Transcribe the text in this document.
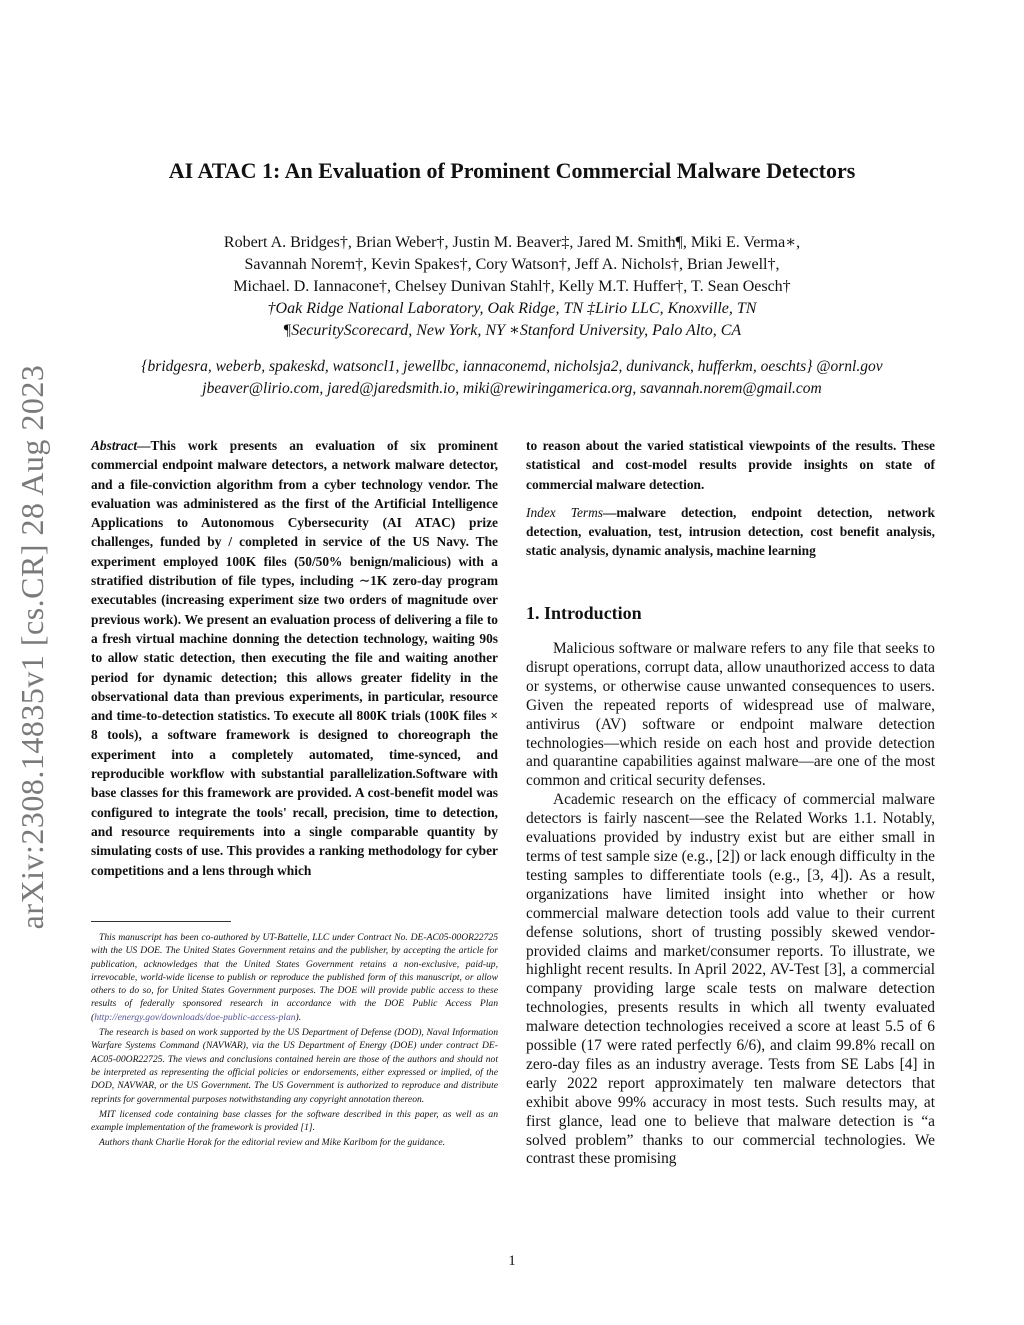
arXiv:2308.14835v1 [cs.CR] 28 Aug 2023
AI ATAC 1: An Evaluation of Prominent Commercial Malware Detectors
Robert A. Bridges†, Brian Weber†, Justin M. Beaver‡, Jared M. Smith¶, Miki E. Verma∗,
Savannah Norem†, Kevin Spakes†, Cory Watson†, Jeff A. Nichols†, Brian Jewell†,
Michael. D. Iannacone†, Chelsey Dunivan Stahl†, Kelly M.T. Huffer†, T. Sean Oesch†
†Oak Ridge National Laboratory, Oak Ridge, TN ‡Lirio LLC, Knoxville, TN
¶SecurityScorecard, New York, NY ∗Stanford University, Palo Alto, CA
{bridgesra, weberb, spakeskd, watsoncl1, jewellbc, iannaconemd, nicholsja2, dunivanck, hufferkm, oeschts} @ornl.gov
jbeaver@lirio.com, jared@jaredsmith.io, miki@rewiringamerica.org, savannah.norem@gmail.com

Abstract—This work presents an evaluation of six prominent commercial endpoint malware detectors, a network malware detector, and a file-conviction algorithm from a cyber technology vendor. The evaluation was administered as the first of the Artificial Intelligence Applications to Autonomous Cybersecurity (AI ATAC) prize challenges, funded by / completed in service of the US Navy. The experiment employed 100K files (50/50% benign/malicious) with a stratified distribution of file types, including ∼1K zero-day program executables (increasing experiment size two orders of magnitude over previous work). We present an evaluation process of delivering a file to a fresh virtual machine donning the detection technology, waiting 90s to allow static detection, then executing the file and waiting another period for dynamic detection; this allows greater fidelity in the observational data than previous experiments, in particular, resource and time-to-detection statistics. To execute all 800K trials (100K files × 8 tools), a software framework is designed to choreograph the experiment into a completely automated, time-synced, and reproducible workflow with substantial parallelization.Software with base classes for this framework are provided. A cost-benefit model was configured to integrate the tools' recall, precision, time to detection, and resource requirements into a single comparable quantity by simulating costs of use. This provides a ranking methodology for cyber competitions and a lens through which

This manuscript has been co-authored by UT-Battelle, LLC under Contract No. DE-AC05-00OR22725 with the US DOE. The United States Government retains and the publisher, by accepting the article for publication, acknowledges that the United States Government retains a non-exclusive, paid-up, irrevocable, world-wide license to publish or reproduce the published form of this manuscript, or allow others to do so, for United States Government purposes. The DOE will provide public access to these results of federally sponsored research in accordance with the DOE Public Access Plan (http://energy.gov/downloads/doe-public-access-plan).

The research is based on work supported by the US Department of Defense (DOD), Naval Information Warfare Systems Command (NAVWAR), via the US Department of Energy (DOE) under contract DE-AC05-00OR22725. The views and conclusions contained herein are those of the authors and should not be interpreted as representing the official policies or endorsements, either expressed or implied, of the DOD, NAVWAR, or the US Government. The US Government is authorized to reproduce and distribute reprints for governmental purposes notwithstanding any copyright annotation thereon.

MIT licensed code containing base classes for the software described in this paper, as well as an example implementation of the framework is provided [1].

Authors thank Charlie Horak for the editorial review and Mike Karlbom for the guidance.

to reason about the varied statistical viewpoints of the results. These statistical and cost-model results provide insights on state of commercial malware detection.

Index Terms—malware detection, endpoint detection, network detection, evaluation, test, intrusion detection, cost benefit analysis, static analysis, dynamic analysis, machine learning

1. Introduction

Malicious software or malware refers to any file that seeks to disrupt operations, corrupt data, allow unauthorized access to data or systems, or otherwise cause unwanted consequences to users. Given the repeated reports of widespread use of malware, antivirus (AV) software or endpoint malware detection technologies—which reside on each host and provide detection and quarantine capabilities against malware—are one of the most common and critical security defenses.

Academic research on the efficacy of commercial malware detectors is fairly nascent—see the Related Works 1.1. Notably, evaluations provided by industry exist but are either small in terms of test sample size (e.g., [2]) or lack enough difficulty in the testing samples to differentiate tools (e.g., [3, 4]). As a result, organizations have limited insight into whether or how commercial malware detection tools add value to their current defense solutions, short of trusting possibly skewed vendor-provided claims and market/consumer reports. To illustrate, we highlight recent results. In April 2022, AV-Test [3], a commercial company providing large scale tests on malware detection technologies, presents results in which all twenty evaluated malware detection technologies received a score at least 5.5 of 6 possible (17 were rated perfectly 6/6), and claim 99.8% recall on zero-day files as an industry average. Tests from SE Labs [4] in early 2022 report approximately ten malware detectors that exhibit above 99% accuracy in most tests. Such results may, at first glance, lead one to believe that malware detection is “a solved problem” thanks to our commercial technologies. We contrast these promising

1
